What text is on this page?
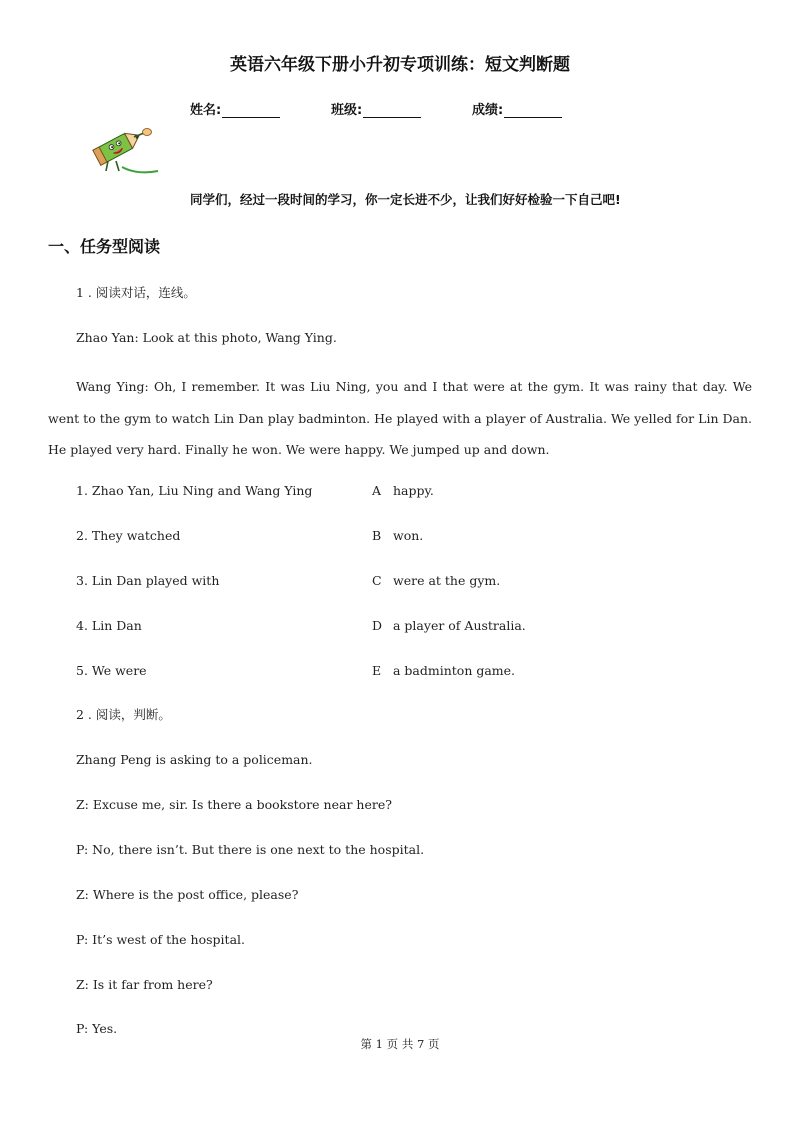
英语六年级下册小升初专项训练：短文判断题
姓名:	班级:	成绩:
同学们，经过一段时间的学习，你一定长进不少，让我们好好检验一下自己吧!
一、任务型阅读
1 . 阅读对话，连线。
Zhao Yan: Look at this photo, Wang Ying.
Wang Ying: Oh, I remember. It was Liu Ning, you and I that were at the gym. It was rainy that day. We went to the gym to watch Lin Dan play badminton. He played with a player of Australia. We yelled for Lin Dan. He played very hard. Finally he won. We were happy. We jumped up and down.
1. Zhao Yan, Liu Ning and Wang Ying
2. They watched
3. Lin Dan played with
4. Lin Dan
5. We were
A happy.
B won.
C were at the gym.
D a player of Australia.
E a badminton game.
2 . 阅读，判断。
Zhang Peng is asking to a policeman.
Z: Excuse me, sir. Is there a bookstore near here?
P: No, there isn’t. But there is one next to the hospital.
Z: Where is the post office, please?
P: It’s west of the hospital.
Z: Is it far from here?
P: Yes.
第 1 页 共 7 页
